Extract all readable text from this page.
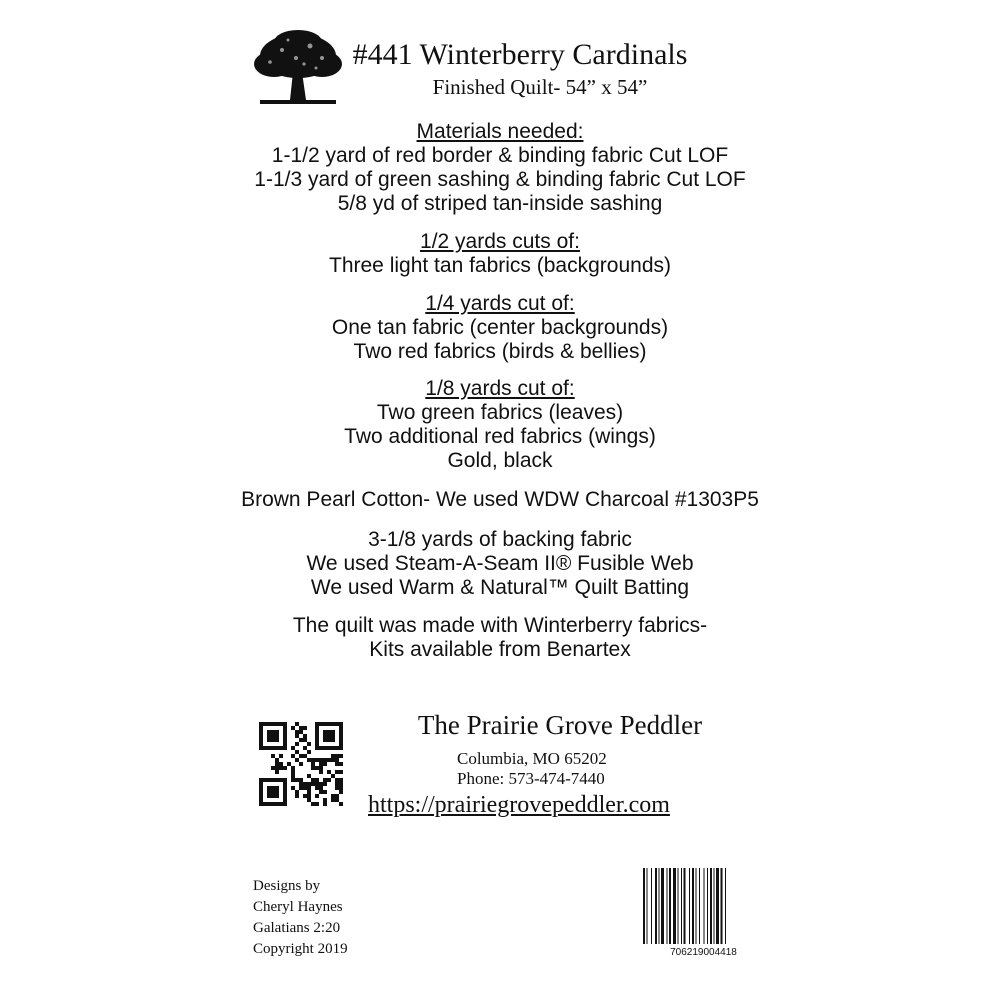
#441 Winterberry Cardinals
Finished Quilt- 54” x 54”
Materials needed:
1-1/2 yard of red border & binding fabric Cut LOF
1-1/3 yard of green sashing & binding fabric Cut LOF
5/8 yd of striped tan-inside sashing
1/2 yards cuts of:
Three light tan fabrics (backgrounds)
1/4 yards cut of:
One tan fabric (center backgrounds)
Two red fabrics (birds & bellies)
1/8 yards cut of:
Two green fabrics (leaves)
Two additional red fabrics (wings)
Gold, black
Brown Pearl Cotton- We used WDW Charcoal #1303P5
3-1/8 yards of backing fabric
We used Steam-A-Seam II® Fusible Web
We used Warm & Natural™ Quilt Batting
The quilt was made with Winterberry fabrics-
Kits available from Benartex
The Prairie Grove Peddler
Columbia, MO 65202
Phone: 573-474-7440
https://prairiegrovepeddler.com
Designs by
Cheryl Haynes
Galatians 2:20
Copyright 2019	706219004418
